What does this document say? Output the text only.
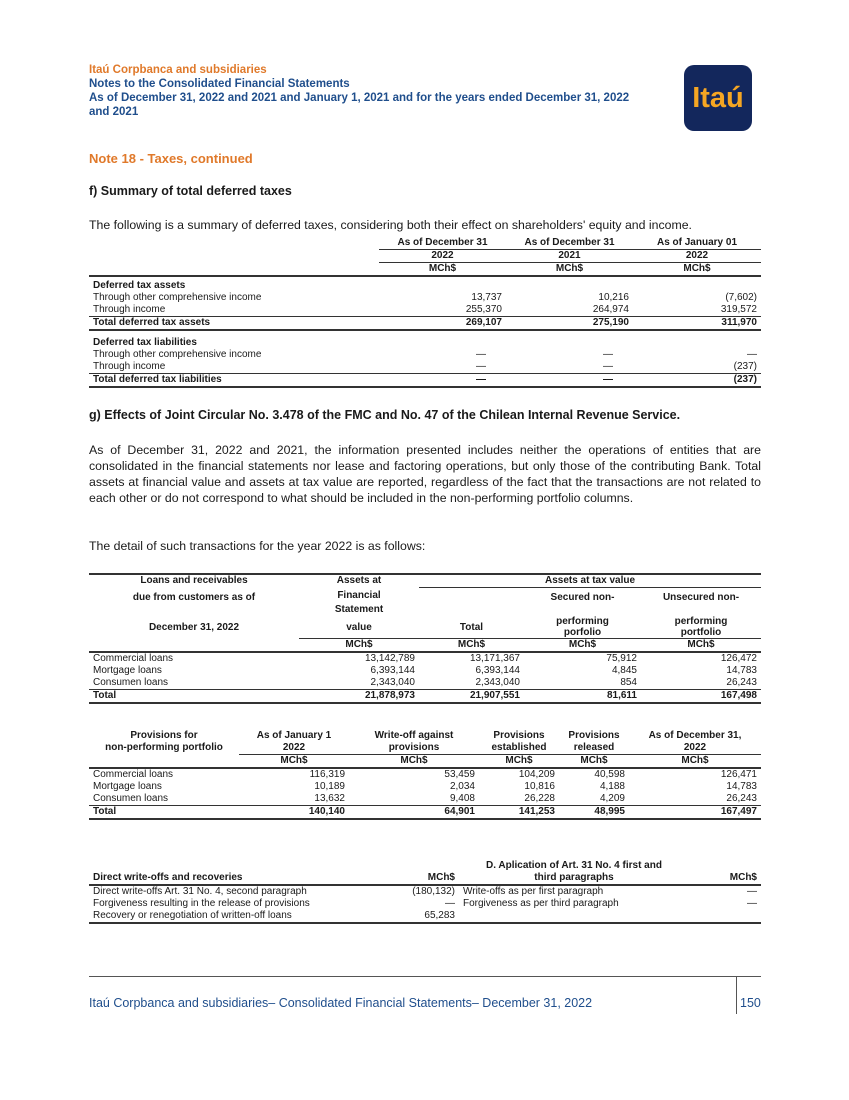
Itaú Corpbanca and subsidiaries
Notes to the Consolidated Financial Statements
As of December 31, 2022 and 2021 and January 1, 2021 and for the years ended December 31, 2022
and 2021	Itaú
Note 18 - Taxes, continued
f) Summary of total deferred taxes
The following is a summary of deferred taxes, considering both their effect on shareholders' equity and income.
	As of December 31	As of December 31	As of January 01
	2022	2021	2022
	MCh$	MCh$	MCh$
Deferred tax assets			
Through other comprehensive income	13,737	10,216	(7,602)
Through income	255,370	264,974	319,572
Total deferred tax assets	269,107	275,190	311,970
Deferred tax liabilities			
Through other comprehensive income	—	—	—
Through income	—	—	(237)
Total deferred tax liabilities	—	—	(237)
g) Effects of Joint Circular No. 3.478 of the FMC and No. 47 of the Chilean Internal Revenue Service.
As of December 31, 2022 and 2021, the information presented includes neither the operations of entities that are consolidated in the financial statements nor lease and factoring operations, but only those of the contributing Bank. Total assets at financial value and assets at tax value are reported, regardless of the fact that the transactions are not related to each other or do not correspond to what should be included in the non-performing portfolio columns.
The detail of such transactions for the year 2022 is as follows:
Loans and receivables	Assets at	Assets at tax value		
due from customers as of	Financial		Secured non-	Unsecured non-
	Statement			
December 31, 2022	value	Total	performing
porfolio	performing
portfolio
	MCh$	MCh$	MCh$	MCh$
Commercial loans	13,142,789	13,171,367	75,912	126,472
Mortgage loans	6,393,144	6,393,144	4,845	14,783
Consumen loans	2,343,040	2,343,040	854	26,243
Total	21,878,973	21,907,551	81,611	167,498
Provisions for	As of January 1	Write-off against	Provisions	Provisions	As of December 31,
non-performing portfolio	2022	provisions	established	released	2022
	MCh$	MCh$	MCh$	MCh$	MCh$
Commercial loans	116,319	53,459	104,209	40,598	126,471
Mortgage loans	10,189	2,034	10,816	4,188	14,783
Consumen loans	13,632	9,408	26,228	4,209	26,243
Total	140,140	64,901	141,253	48,995	167,497
		D. Aplication of Art. 31 No. 4 first and	
Direct write-offs and recoveries	MCh$	third paragraphs	MCh$
Direct write-offs Art. 31 No. 4, second paragraph	(180,132)	Write-offs as per first paragraph	—
Forgiveness resulting in the release of provisions	—	Forgiveness as per third paragraph	—
Recovery or renegotiation of written-off loans	65,283		
Itaú Corpbanca and subsidiaries– Consolidated Financial Statements– December 31, 2022	150
